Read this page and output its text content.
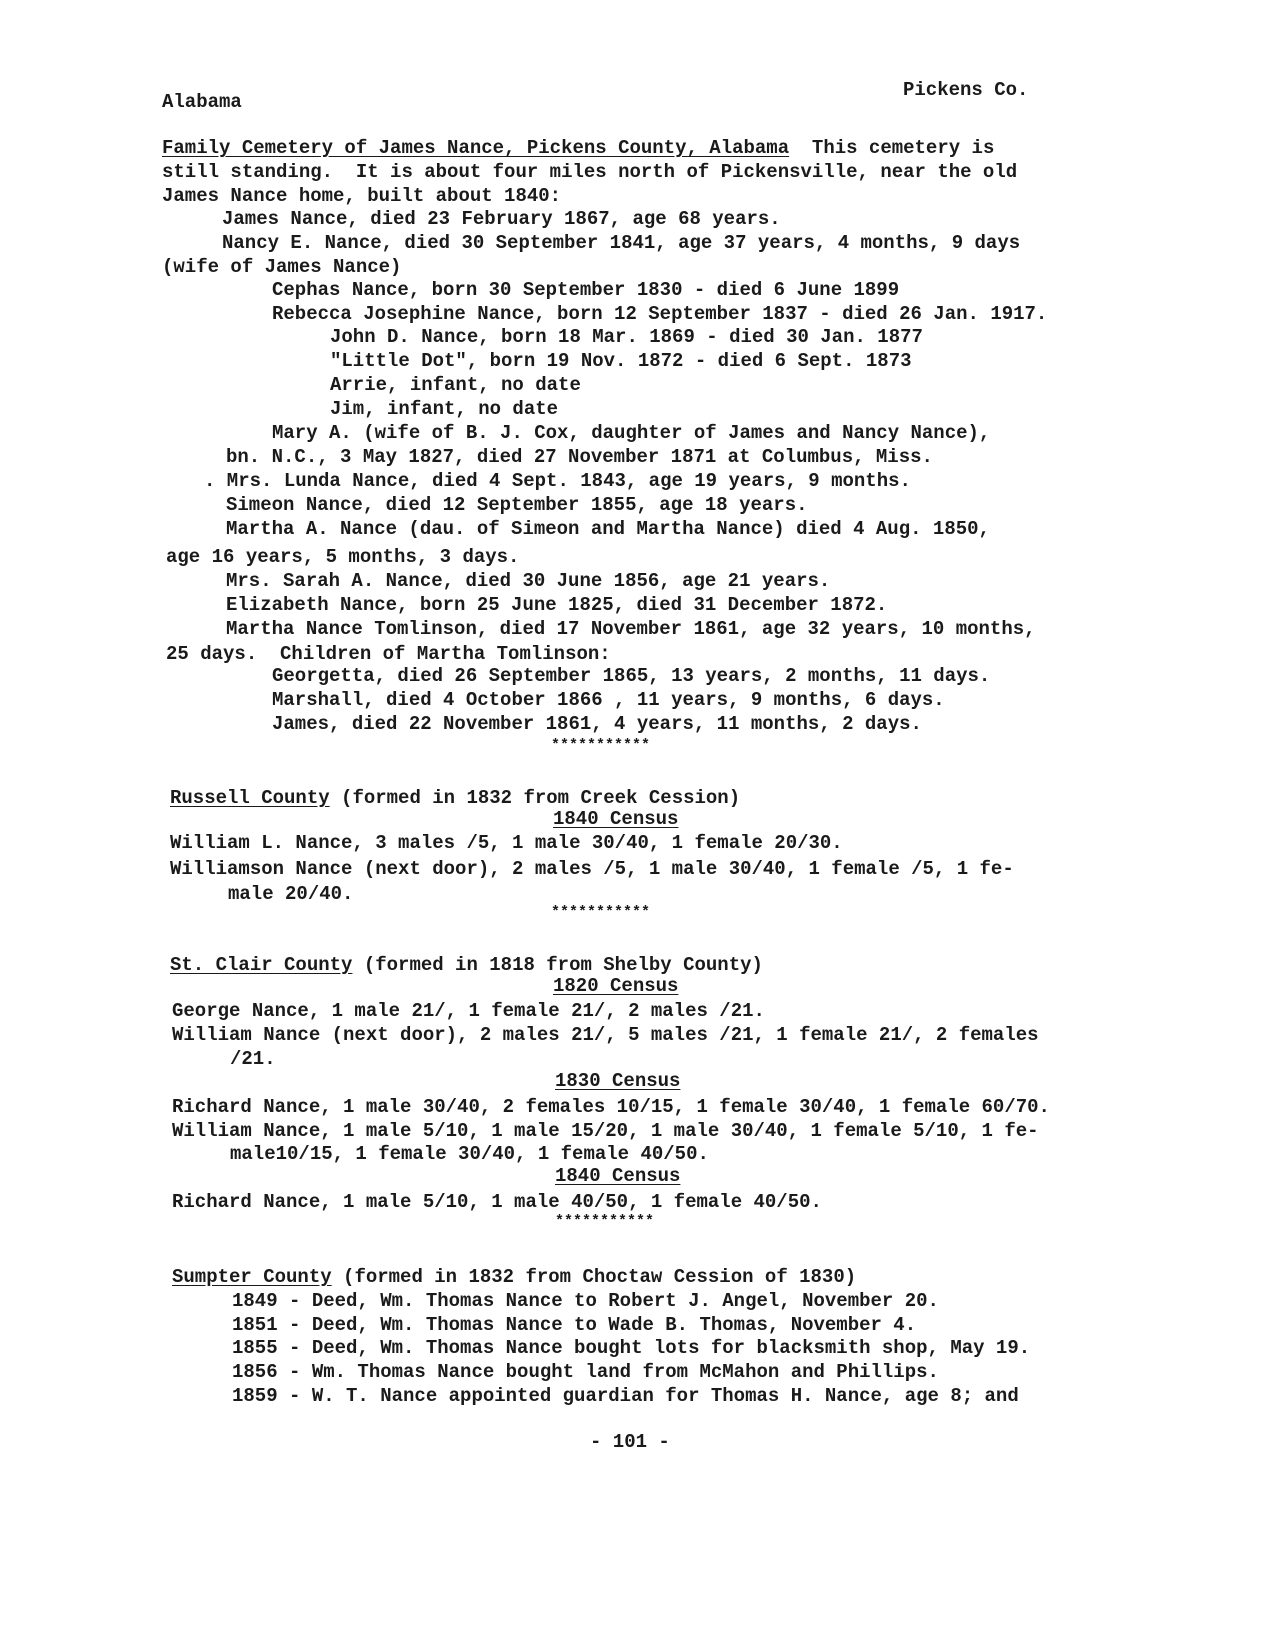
Alabama
Pickens Co.
Family Cemetery of James Nance, Pickens County, Alabama  This cemetery is
still standing.  It is about four miles north of Pickensville, near the old
James Nance home, built about 1840:
James Nance, died 23 February 1867, age 68 years.
Nancy E. Nance, died 30 September 1841, age 37 years, 4 months, 9 days
(wife of James Nance)
Cephas Nance, born 30 September 1830 - died 6 June 1899
Rebecca Josephine Nance, born 12 September 1837 - died 26 Jan. 1917.
John D. Nance, born 18 Mar. 1869 - died 30 Jan. 1877
"Little Dot", born 19 Nov. 1872 - died 6 Sept. 1873
Arrie, infant, no date
Jim, infant, no date
Mary A. (wife of B. J. Cox, daughter of James and Nancy Nance),
bn. N.C., 3 May 1827, died 27 November 1871 at Columbus, Miss.
. Mrs. Lunda Nance, died 4 Sept. 1843, age 19 years, 9 months.
Simeon Nance, died 12 September 1855, age 18 years.
Martha A. Nance (dau. of Simeon and Martha Nance) died 4 Aug. 1850,
age 16 years, 5 months, 3 days.
Mrs. Sarah A. Nance, died 30 June 1856, age 21 years.
Elizabeth Nance, born 25 June 1825, died 31 December 1872.
Martha Nance Tomlinson, died 17 November 1861, age 32 years, 10 months,
25 days.  Children of Martha Tomlinson:
Georgetta, died 26 September 1865, 13 years, 2 months, 11 days.
Marshall, died 4 October 1866 , 11 years, 9 months, 6 days.
James, died 22 November 1861, 4 years, 11 months, 2 days.
***********
Russell County (formed in 1832 from Creek Cession)
1840 Census
William L. Nance, 3 males /5, 1 male 30/40, 1 female 20/30.
Williamson Nance (next door), 2 males /5, 1 male 30/40, 1 female /5, 1 fe-
male 20/40.
***********
St. Clair County (formed in 1818 from Shelby County)
1820 Census
George Nance, 1 male 21/, 1 female 21/, 2 males /21.
William Nance (next door), 2 males 21/, 5 males /21, 1 female 21/, 2 females
/21.
1830 Census
Richard Nance, 1 male 30/40, 2 females 10/15, 1 female 30/40, 1 female 60/70.
William Nance, 1 male 5/10, 1 male 15/20, 1 male 30/40, 1 female 5/10, 1 fe-
male10/15, 1 female 30/40, 1 female 40/50.
1840 Census
Richard Nance, 1 male 5/10, 1 male 40/50, 1 female 40/50.
***********
Sumpter County (formed in 1832 from Choctaw Cession of 1830)
1849 - Deed, Wm. Thomas Nance to Robert J. Angel, November 20.
1851 - Deed, Wm. Thomas Nance to Wade B. Thomas, November 4.
1855 - Deed, Wm. Thomas Nance bought lots for blacksmith shop, May 19.
1856 - Wm. Thomas Nance bought land from McMahon and Phillips.
1859 - W. T. Nance appointed guardian for Thomas H. Nance, age 8; and
- 101 -
